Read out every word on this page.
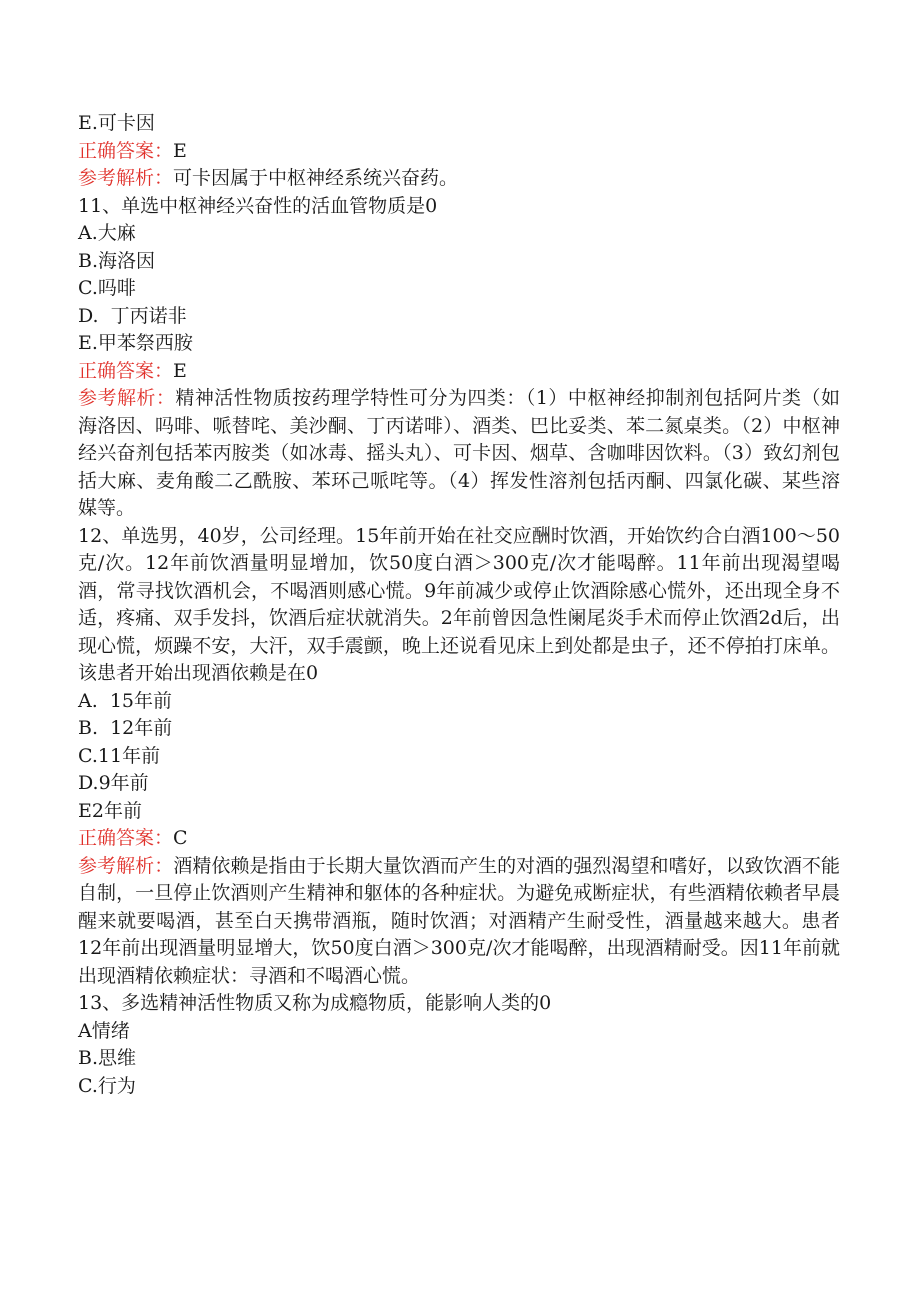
E.可卡因
正确答案：E
参考解析：可卡因属于中枢神经系统兴奋药。
11、单选中枢神经兴奋性的活血管物质是0
A.大麻
B.海洛因
C.吗啡
D.  丁丙诺非
E.甲苯祭西胺
正确答案：E
参考解析：精神活性物质按药理学特性可分为四类：（1）中枢神经抑制剂包括阿片类（如海洛因、吗啡、哌替咤、美沙酮、丁丙诺啡）、酒类、巴比妥类、苯二氮桌类。（2）中枢神经兴奋剂包括苯丙胺类（如冰毒、摇头丸）、可卡因、烟草、含咖啡因饮料。（3）致幻剂包括大麻、麦角酸二乙酰胺、苯环己哌咤等。（4）挥发性溶剂包括丙酮、四氯化碳、某些溶媒等。
12、单选男，40岁，公司经理。15年前开始在社交应酬时饮酒，开始饮约合白酒100～50克/次。12年前饮酒量明显增加，饮50度白酒＞300克/次才能喝醉。11年前出现渴望喝酒，常寻找饮酒机会，不喝酒则感心慌。9年前减少或停止饮酒除感心慌外，还出现全身不适，疼痛、双手发抖，饮酒后症状就消失。2年前曾因急性阑尾炎手术而停止饮酒2d后，出现心慌，烦躁不安，大汗，双手震颤，晚上还说看见床上到处都是虫子，还不停拍打床单。该患者开始出现酒依赖是在0
A.  15年前
B.  12年前
C.11年前
D.9年前
E2年前
正确答案：C
参考解析：酒精依赖是指由于长期大量饮酒而产生的对酒的强烈渴望和嗜好，以致饮酒不能自制，一旦停止饮酒则产生精神和躯体的各种症状。为避免戒断症状，有些酒精依赖者早晨醒来就要喝酒，甚至白天携带酒瓶，随时饮酒；对酒精产生耐受性，酒量越来越大。患者12年前出现酒量明显增大，饮50度白酒＞300克/次才能喝醉，出现酒精耐受。因11年前就出现酒精依赖症状：寻酒和不喝酒心慌。
13、多选精神活性物质又称为成瘾物质，能影响人类的0
A情绪
B.思维
C.行为
